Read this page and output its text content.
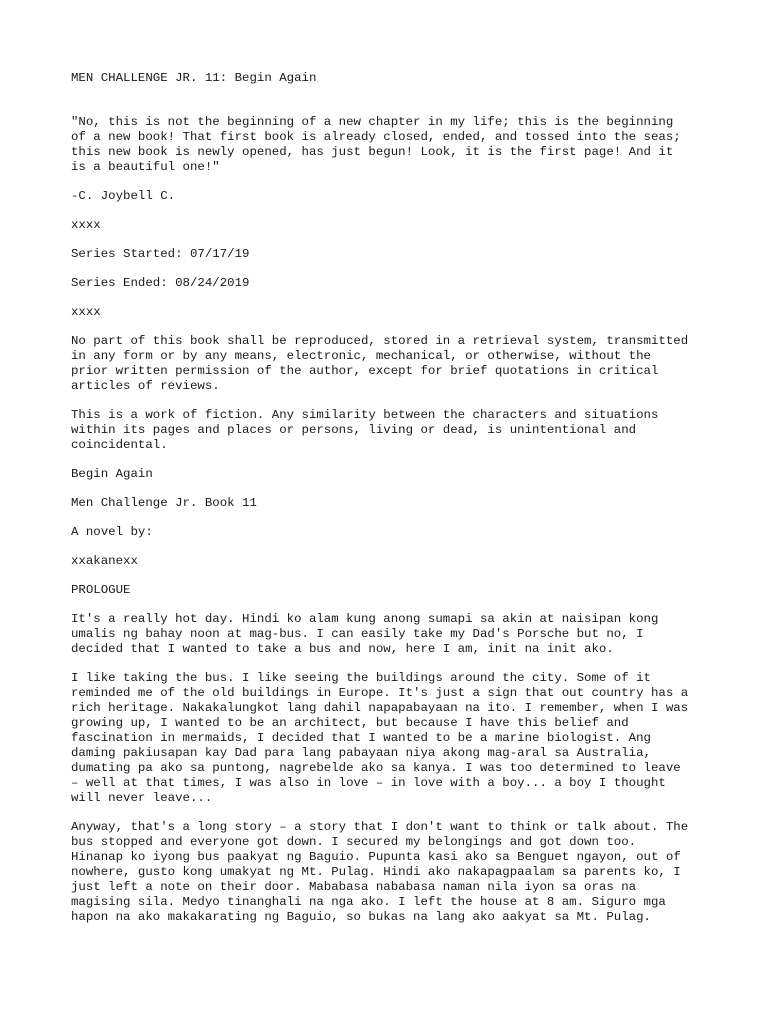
MEN CHALLENGE JR. 11: Begin Again
"No, this is not the beginning of a new chapter in my life; this is the beginning
of a new book! That first book is already closed, ended, and tossed into the seas;
this new book is newly opened, has just begun! Look, it is the first page! And it
is a beautiful one!"
-C. Joybell C.
xxxx
Series Started: 07/17/19
Series Ended: 08/24/2019
xxxx
No part of this book shall be reproduced, stored in a retrieval system, transmitted
in any form or by any means, electronic, mechanical, or otherwise, without the
prior written permission of the author, except for brief quotations in critical
articles of reviews.
This is a work of fiction. Any similarity between the characters and situations
within its pages and places or persons, living or dead, is unintentional and
coincidental.
Begin Again
Men Challenge Jr. Book 11
A novel by:
xxakanexx
PROLOGUE
It's a really hot day. Hindi ko alam kung anong sumapi sa akin at naisipan kong
umalis ng bahay noon at mag-bus. I can easily take my Dad's Porsche but no, I
decided that I wanted to take a bus and now, here I am, init na init ako.
I like taking the bus. I like seeing the buildings around the city. Some of it
reminded me of the old buildings in Europe. It's just a sign that out country has a
rich heritage. Nakakalungkot lang dahil napapabayaan na ito. I remember, when I was
growing up, I wanted to be an architect, but because I have this belief and
fascination in mermaids, I decided that I wanted to be a marine biologist. Ang
daming pakiusapan kay Dad para lang pabayaan niya akong mag-aral sa Australia,
dumating pa ako sa puntong, nagrebelde ako sa kanya. I was too determined to leave
– well at that times, I was also in love – in love with a boy... a boy I thought
will never leave...
Anyway, that's a long story – a story that I don't want to think or talk about. The
bus stopped and everyone got down. I secured my belongings and got down too.
Hinanap ko iyong bus paakyat ng Baguio. Pupunta kasi ako sa Benguet ngayon, out of
nowhere, gusto kong umakyat ng Mt. Pulag. Hindi ako nakapagpaalam sa parents ko, I
just left a note on their door. Mababasa nababasa naman nila iyon sa oras na
magising sila. Medyo tinanghali na nga ako. I left the house at 8 am. Siguro mga
hapon na ako makakarating ng Baguio, so bukas na lang ako aakyat sa Mt. Pulag.
